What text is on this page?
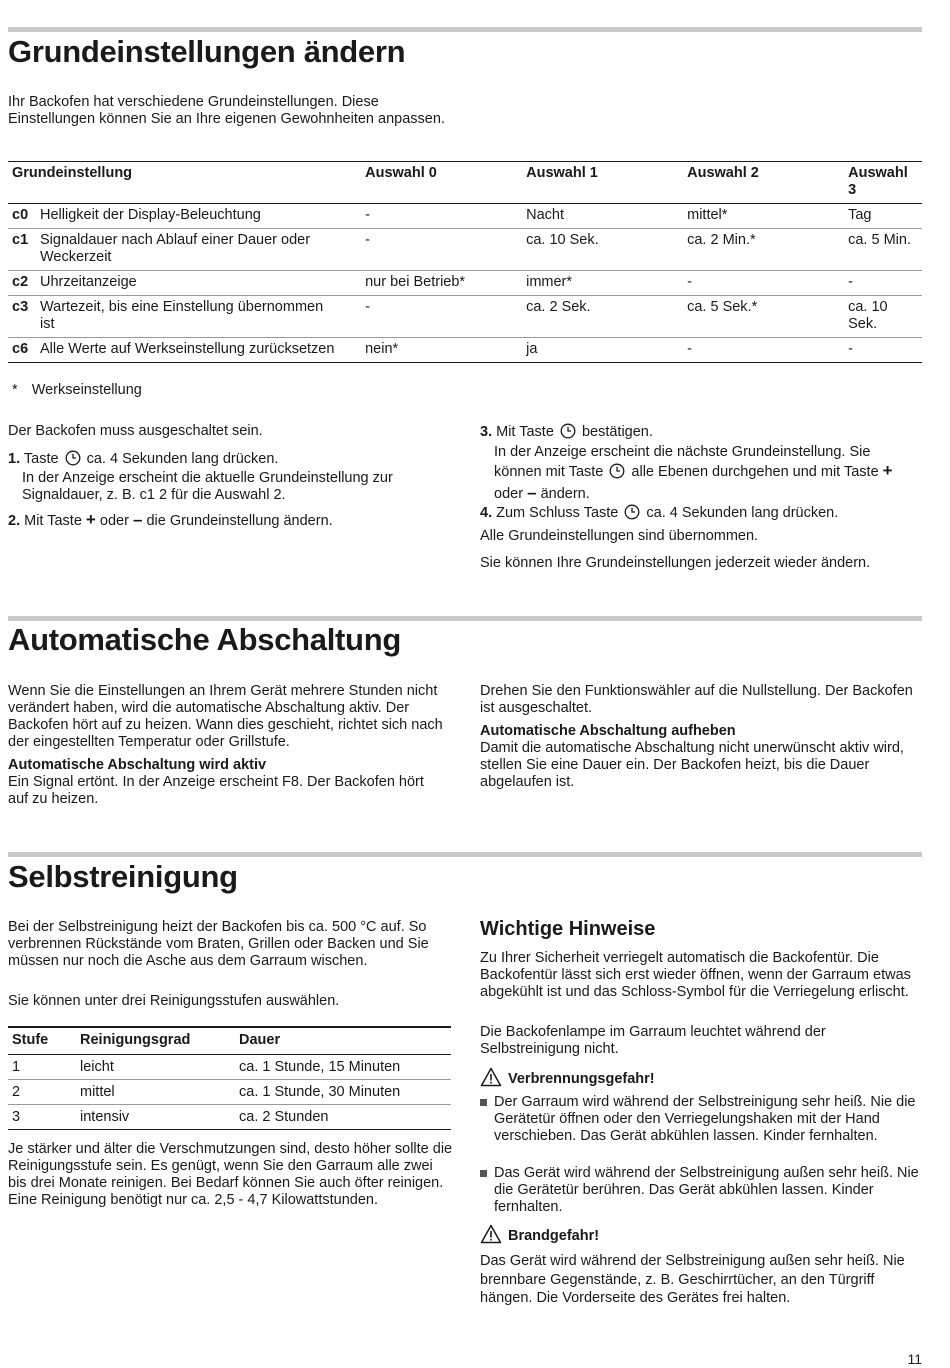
Grundeinstellungen ändern

Ihr Backofen hat verschiedene Grundeinstellungen. Diese Einstellungen können Sie an Ihre eigenen Gewohnheiten anpassen.

Grundeinstellung		Auswahl 0	Auswahl 1	Auswahl 2	Auswahl 3
c0	Helligkeit der Display-Beleuchtung	-	Nacht	mittel*	Tag
c1	Signaldauer nach Ablauf einer Dauer oder Weckerzeit	-	ca. 10 Sek.	ca. 2 Min.*	ca. 5 Min.
c2	Uhrzeitanzeige	nur bei Betrieb*	immer*	-	-
c3	Wartezeit, bis eine Einstellung übernommen ist	-	ca. 2 Sek.	ca. 5 Sek.*	ca. 10 Sek.
c6	Alle Werte auf Werkseinstellung zurücksetzen	nein*	ja	-	-
* Werkseinstellung

Der Backofen muss ausgeschaltet sein.

1. Taste ca. 4 Sekunden lang drücken.

In der Anzeige erscheint die aktuelle Grundeinstellung zur Signaldauer, z. B. c1 2 für die Auswahl 2.

2. Mit Taste + oder – die Grundeinstellung ändern.
3. Mit Taste bestätigen.
In der Anzeige erscheint die nächste Grundeinstellung. Sie können mit Taste alle Ebenen durchgehen und mit Taste + oder – ändern.
4. Zum Schluss Taste ca. 4 Sekunden lang drücken.

Alle Grundeinstellungen sind übernommen.

Sie können Ihre Grundeinstellungen jederzeit wieder ändern.

Automatische Abschaltung

Wenn Sie die Einstellungen an Ihrem Gerät mehrere Stunden nicht verändert haben, wird die automatische Abschaltung aktiv. Der Backofen hört auf zu heizen. Wann dies geschieht, richtet sich nach der eingestellten Temperatur oder Grillstufe.

Automatische Abschaltung wird aktiv

Ein Signal ertönt. In der Anzeige erscheint F8. Der Backofen hört auf zu heizen.

Drehen Sie den Funktionswähler auf die Nullstellung. Der Backofen ist ausgeschaltet.

Automatische Abschaltung aufheben

Damit die automatische Abschaltung nicht unerwünscht aktiv wird, stellen Sie eine Dauer ein. Der Backofen heizt, bis die Dauer abgelaufen ist.

Selbstreinigung

Bei der Selbstreinigung heizt der Backofen bis ca. 500 °C auf. So verbrennen Rückstände vom Braten, Grillen oder Backen und Sie müssen nur noch die Asche aus dem Garraum wischen.

Sie können unter drei Reinigungsstufen auswählen.

Stufe	Reinigungsgrad	Dauer
1	leicht	ca. 1 Stunde, 15 Minuten
2	mittel	ca. 1 Stunde, 30 Minuten
3	intensiv	ca. 2 Stunden

Je stärker und älter die Verschmutzungen sind, desto höher sollte die Reinigungsstufe sein. Es genügt, wenn Sie den Garraum alle zwei bis drei Monate reinigen. Bei Bedarf können Sie auch öfter reinigen. Eine Reinigung benötigt nur ca. 2,5 - 4,7 Kilowattstunden.

Wichtige Hinweise

Zu Ihrer Sicherheit verriegelt automatisch die Backofentür. Die Backofentür lässt sich erst wieder öffnen, wenn der Garraum etwas abgekühlt ist und das Schloss-Symbol für die Verriegelung erlischt.

Die Backofenlampe im Garraum leuchtet während der Selbstreinigung nicht.

Verbrennungsgefahr!

Der Garraum wird während der Selbstreinigung sehr heiß. Nie die Gerätetür öffnen oder den Verriegelungshaken mit der Hand verschieben. Das Gerät abkühlen lassen. Kinder fernhalten.

Das Gerät wird während der Selbstreinigung außen sehr heiß. Nie die Gerätetür berühren. Das Gerät abkühlen lassen. Kinder fernhalten.

Brandgefahr!

Das Gerät wird während der Selbstreinigung außen sehr heiß. Nie brennbare Gegenstände, z. B. Geschirrtücher, an den Türgriff hängen. Die Vorderseite des Gerätes frei halten.

11
